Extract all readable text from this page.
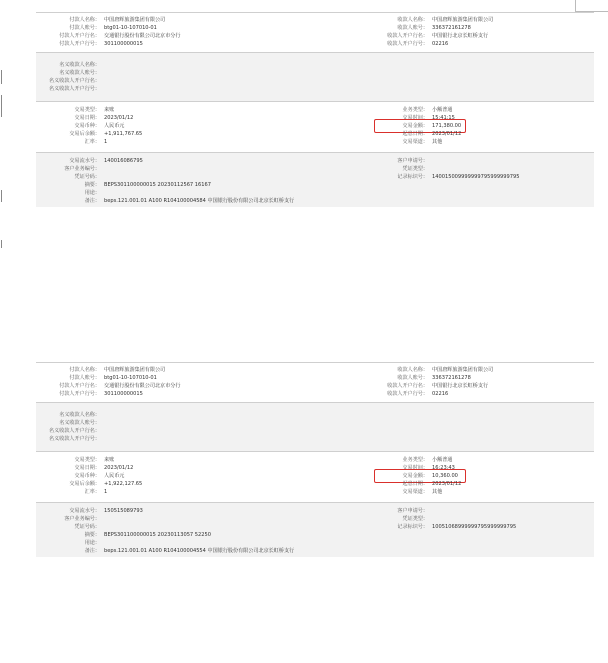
付款人名称： 中国唐辉旅游集团有限公司	收款人名称： 中国唐辉旅游集团有限公司
付款人账号： btg01-10-107010-01	收款人账号： 336372161278
付款人开户行名： 交通银行股份有限公司北京市分行	收款人开户行名： 中国银行北京长虹桥支行
付款人开户行号： 301100000015	收款人开户行号： 02216
名义收款人名称：
名义收款人账号：
名义收款人开户行名：
名义收款人开户行号：
交易类型： 来账	业务类型： 小额普通
交易日期： 2023/01/12	交易时间： 15:41:15
交易币种： 人民币元	交易金额： 171,380.00
交易后余额： +1,911,767.65	起息日期： 2023/01/12
汇率： 1	交易渠道： 其他
交易流水号： 140016086795	客户申请号：
客户业务编号：	凭证类型：
凭证号码：	记录标识号： 140015009999999795999999795
摘要： BEPS301100000015 20230112567 16167
用途：
备注： beps.121.001.01 A100 R104100004584 中国银行股份有限公司北京长虹桥支行
付款人名称： 中国唐辉旅游集团有限公司	收款人名称： 中国唐辉旅游集团有限公司
付款人账号： btg01-10-107010-01	收款人账号： 336372161278
付款人开户行名： 交通银行股份有限公司北京市分行	收款人开户行名： 中国银行北京长虹桥支行
付款人开户行号： 301100000015	收款人开户行号： 02216
名义收款人名称：
名义收款人账号：
名义收款人开户行名：
名义收款人开户行号：
交易类型： 来账	业务类型： 小额普通
交易日期： 2023/01/12	交易时间： 16:23:43
交易币种： 人民币元	交易金额： 10,360.00
交易后余额： +1,922,127.65	起息日期： 2023/01/12
汇率： 1	交易渠道： 其他
交易流水号： 150515089793	客户申请号：
客户业务编号：	凭证类型：
凭证号码：	记录标识号： 10051068999999795999999795
摘要： BEPS301100000015 20230113057 52250
用途：
备注： beps.121.001.01 A100 R104100004554 中国银行股份有限公司北京长虹桥支行
